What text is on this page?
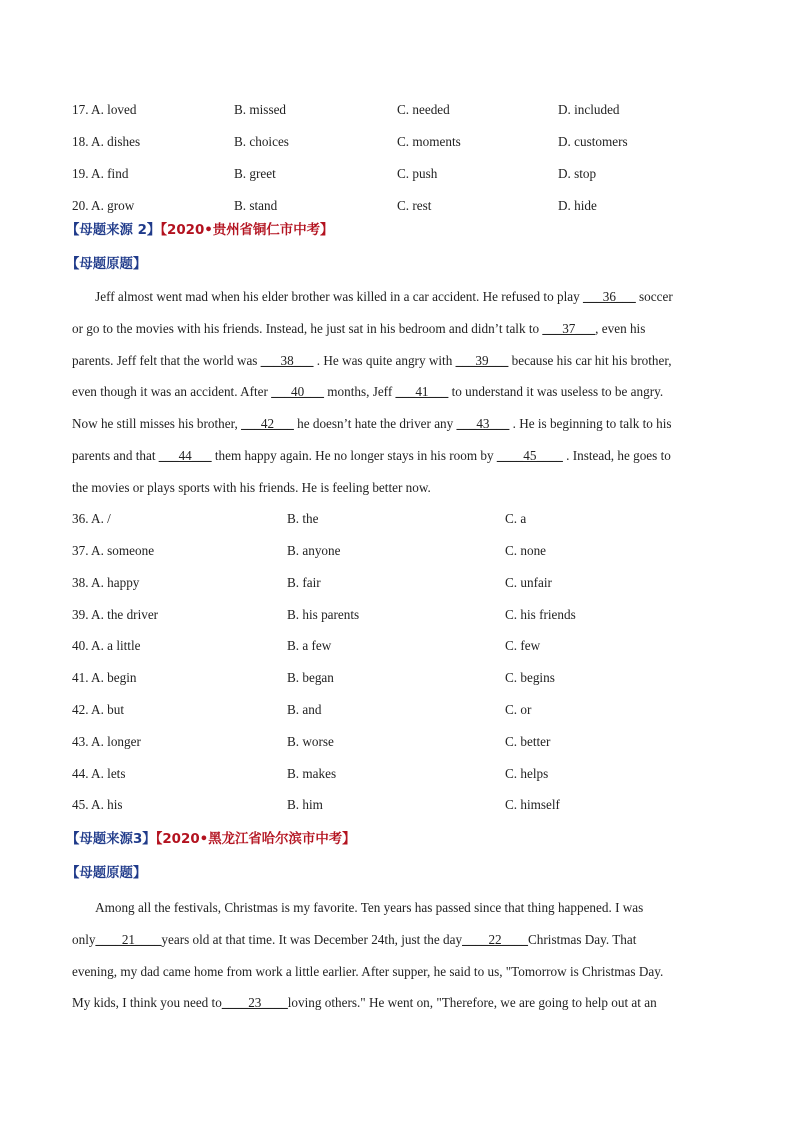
17. A. loved	B. missed	C. needed	D. included
18. A. dishes	B. choices	C. moments	D. customers
19. A. find	B. greet	C. push	D. stop
20. A. grow	B. stand	C. rest	D. hide
【母题来源 2】【2020•贵州省铜仁市中考】
【母题原题】
Jeff almost went mad when his elder brother was killed in a car accident. He refused to play ___36___ soccer
or go to the movies with his friends. Instead, he just sat in his bedroom and didn’t talk to ___37___, even his
parents. Jeff felt that the world was ___38___ . He was quite angry with ___39___ because his car hit his brother,
even though it was an accident. After ___40___ months, Jeff ___41___ to understand it was useless to be angry.
Now he still misses his brother, ___42___ he doesn’t hate the driver any ___43___ . He is beginning to talk to his
parents and that ___44___ them happy again. He no longer stays in his room by ____45____ . Instead, he goes to
the movies or plays sports with his friends. He is feeling better now.
36. A. /	B. the	C. a
37. A. someone	B. anyone	C. none
38. A. happy	B. fair	C. unfair
39. A. the driver	B. his parents	C. his friends
40. A. a little	B. a few	C. few
41. A. begin	B. began	C. begins
42. A. but	B. and	C. or
43. A. longer	B. worse	C. better
44. A. lets	B. makes	C. helps
45. A. his	B. him	C. himself
【母题来源3】【2020•黑龙江省哈尔滨市中考】
【母题原题】
Among all the festivals, Christmas is my favorite. Ten years has passed since that thing happened. I was
only____21____years old at that time. It was December 24th, just the day____22____Christmas Day. That
evening, my dad came home from work a little earlier. After supper, he said to us, "Tomorrow is Christmas Day.
My kids, I think you need to____23____loving others." He went on, "Therefore, we are going to help out at an
